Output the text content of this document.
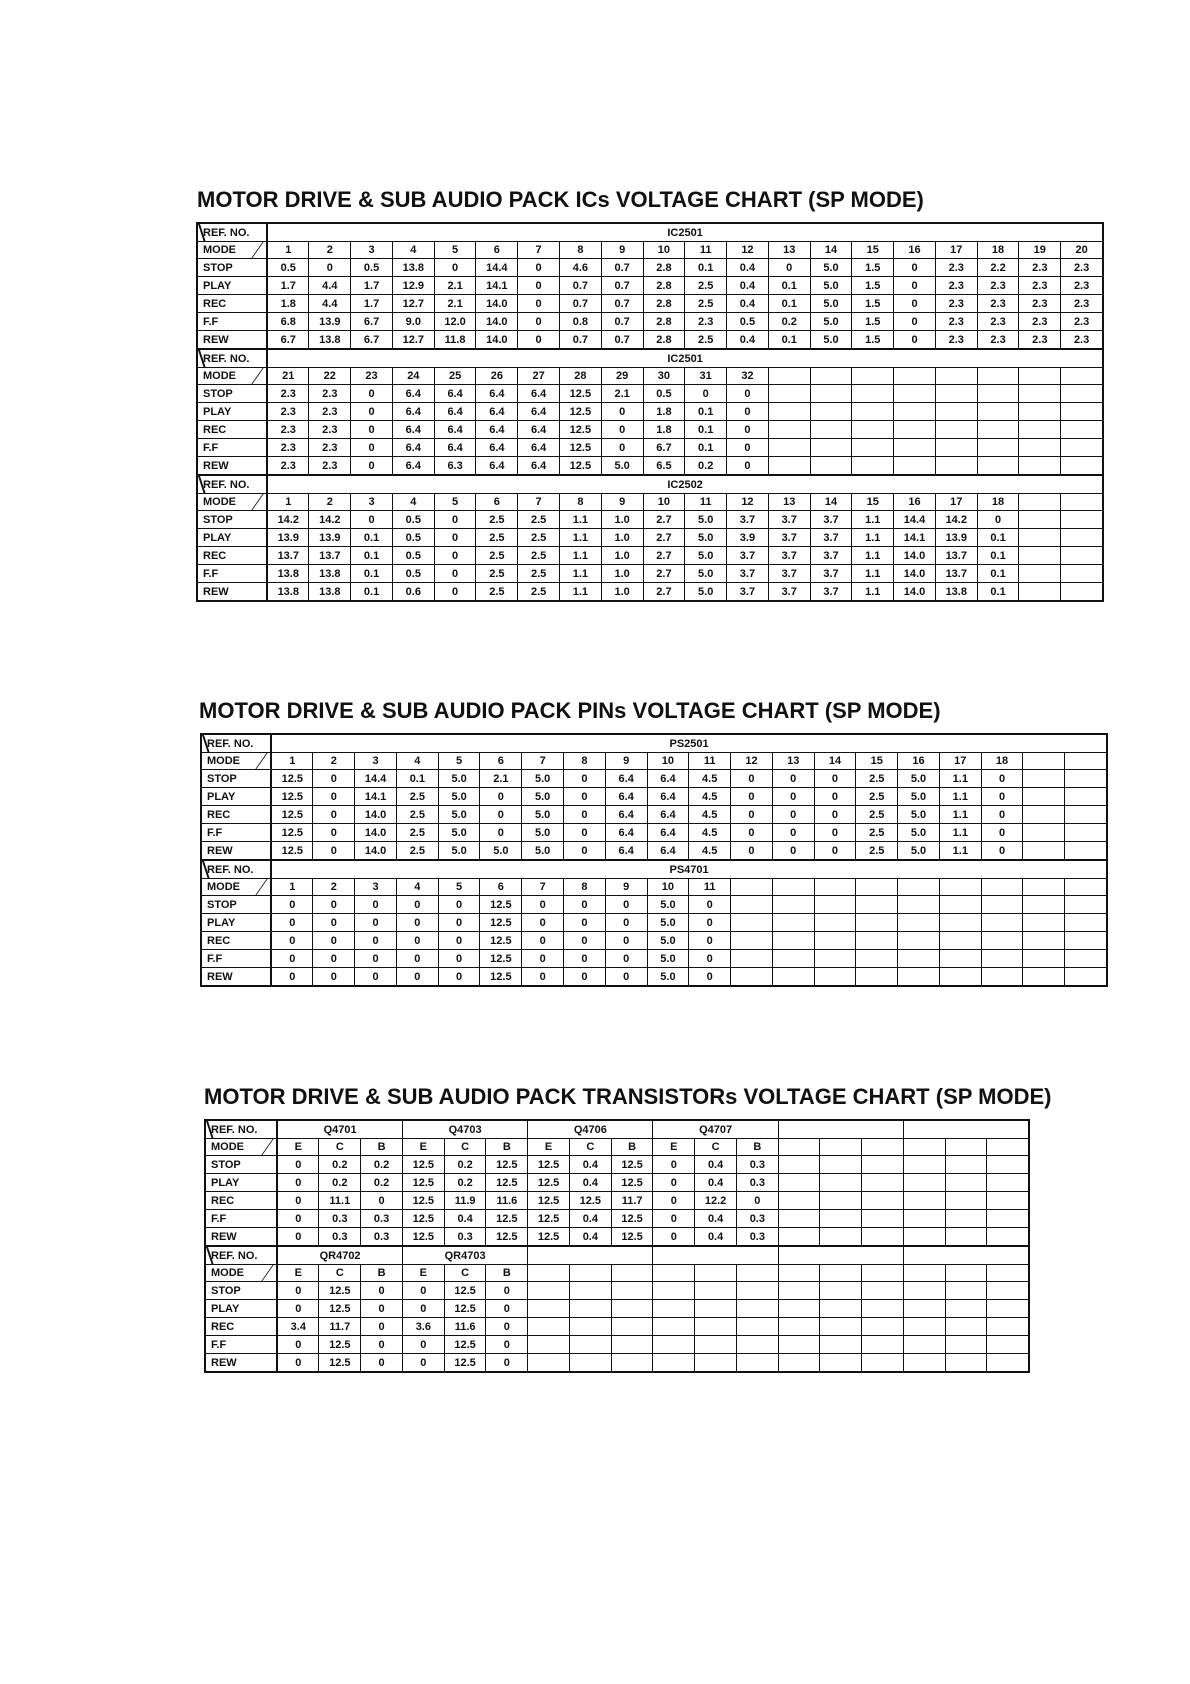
MOTOR DRIVE & SUB AUDIO PACK ICs VOLTAGE CHART (SP MODE)
REF. NO.	IC2501																			
MODE	1	2	3	4	5	6	7	8	9	10	11	12	13	14	15	16	17	18	19	20
STOP	0.5	0	0.5	13.8	0	14.4	0	4.6	0.7	2.8	0.1	0.4	0	5.0	1.5	0	2.3	2.2	2.3	2.3
PLAY	1.7	4.4	1.7	12.9	2.1	14.1	0	0.7	0.7	2.8	2.5	0.4	0.1	5.0	1.5	0	2.3	2.3	2.3	2.3
REC	1.8	4.4	1.7	12.7	2.1	14.0	0	0.7	0.7	2.8	2.5	0.4	0.1	5.0	1.5	0	2.3	2.3	2.3	2.3
F.F	6.8	13.9	6.7	9.0	12.0	14.0	0	0.8	0.7	2.8	2.3	0.5	0.2	5.0	1.5	0	2.3	2.3	2.3	2.3
REW	6.7	13.8	6.7	12.7	11.8	14.0	0	0.7	0.7	2.8	2.5	0.4	0.1	5.0	1.5	0	2.3	2.3	2.3	2.3
REF. NO.	IC2501																			
MODE	21	22	23	24	25	26	27	28	29	30	31	32								
STOP	2.3	2.3	0	6.4	6.4	6.4	6.4	12.5	2.1	0.5	0	0								
PLAY	2.3	2.3	0	6.4	6.4	6.4	6.4	12.5	0	1.8	0.1	0								
REC	2.3	2.3	0	6.4	6.4	6.4	6.4	12.5	0	1.8	0.1	0								
F.F	2.3	2.3	0	6.4	6.4	6.4	6.4	12.5	0	6.7	0.1	0								
REW	2.3	2.3	0	6.4	6.3	6.4	6.4	12.5	5.0	6.5	0.2	0								
REF. NO.	IC2502																			
MODE	1	2	3	4	5	6	7	8	9	10	11	12	13	14	15	16	17	18		
STOP	14.2	14.2	0	0.5	0	2.5	2.5	1.1	1.0	2.7	5.0	3.7	3.7	3.7	1.1	14.4	14.2	0		
PLAY	13.9	13.9	0.1	0.5	0	2.5	2.5	1.1	1.0	2.7	5.0	3.9	3.7	3.7	1.1	14.1	13.9	0.1		
REC	13.7	13.7	0.1	0.5	0	2.5	2.5	1.1	1.0	2.7	5.0	3.7	3.7	3.7	1.1	14.0	13.7	0.1		
F.F	13.8	13.8	0.1	0.5	0	2.5	2.5	1.1	1.0	2.7	5.0	3.7	3.7	3.7	1.1	14.0	13.7	0.1		
REW	13.8	13.8	0.1	0.6	0	2.5	2.5	1.1	1.0	2.7	5.0	3.7	3.7	3.7	1.1	14.0	13.8	0.1		
MOTOR DRIVE & SUB AUDIO PACK PINs VOLTAGE CHART (SP MODE)
REF. NO.	PS2501																			
MODE	1	2	3	4	5	6	7	8	9	10	11	12	13	14	15	16	17	18		
STOP	12.5	0	14.4	0.1	5.0	2.1	5.0	0	6.4	6.4	4.5	0	0	0	2.5	5.0	1.1	0		
PLAY	12.5	0	14.1	2.5	5.0	0	5.0	0	6.4	6.4	4.5	0	0	0	2.5	5.0	1.1	0		
REC	12.5	0	14.0	2.5	5.0	0	5.0	0	6.4	6.4	4.5	0	0	0	2.5	5.0	1.1	0		
F.F	12.5	0	14.0	2.5	5.0	0	5.0	0	6.4	6.4	4.5	0	0	0	2.5	5.0	1.1	0		
REW	12.5	0	14.0	2.5	5.0	5.0	5.0	0	6.4	6.4	4.5	0	0	0	2.5	5.0	1.1	0		
REF. NO.	PS4701																			
MODE	1	2	3	4	5	6	7	8	9	10	11									
STOP	0	0	0	0	0	12.5	0	0	0	5.0	0									
PLAY	0	0	0	0	0	12.5	0	0	0	5.0	0									
REC	0	0	0	0	0	12.5	0	0	0	5.0	0									
F.F	0	0	0	0	0	12.5	0	0	0	5.0	0									
REW	0	0	0	0	0	12.5	0	0	0	5.0	0									
MOTOR DRIVE & SUB AUDIO PACK TRANSISTORs VOLTAGE CHART (SP MODE)
REF. NO.	Q4701			Q4703			Q4706			Q4707								
MODE	E	C	B	E	C	B	E	C	B	E	C	B						
STOP	0	0.2	0.2	12.5	0.2	12.5	12.5	0.4	12.5	0	0.4	0.3						
PLAY	0	0.2	0.2	12.5	0.2	12.5	12.5	0.4	12.5	0	0.4	0.3						
REC	0	11.1	0	12.5	11.9	11.6	12.5	12.5	11.7	0	12.2	0						
F.F	0	0.3	0.3	12.5	0.4	12.5	12.5	0.4	12.5	0	0.4	0.3						
REW	0	0.3	0.3	12.5	0.3	12.5	12.5	0.4	12.5	0	0.4	0.3						
REF. NO.	QR4702			QR4703														
MODE	E	C	B	E	C	B												
STOP	0	12.5	0	0	12.5	0												
PLAY	0	12.5	0	0	12.5	0												
REC	3.4	11.7	0	3.6	11.6	0												
F.F	0	12.5	0	0	12.5	0												
REW	0	12.5	0	0	12.5	0												
